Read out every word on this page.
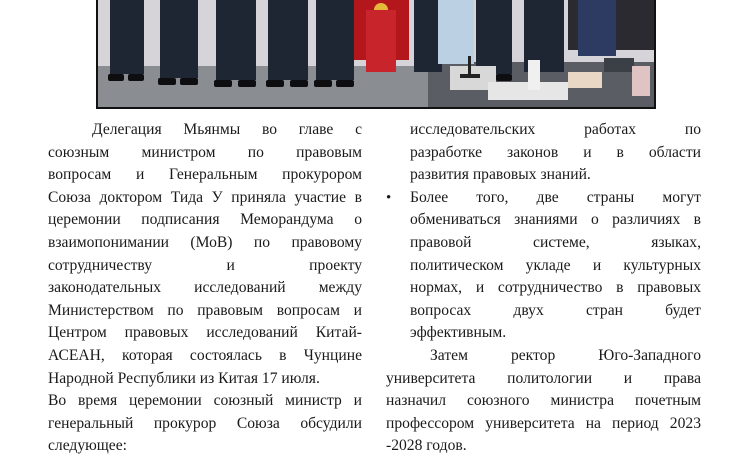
Делегация Мьянмы во главе с
союзным министром по правовым
вопросам и Генеральным прокурором
Союза доктором Тида У приняла участие в
церемонии подписания Меморандума о
взаимопонимании (МоВ) по правовому
сотрудничеству и проекту
законодательных исследований между
Министерством по правовым вопросам и
Центром правовых исследований Китай-
АСЕАН, которая состоялась в Чунцине
Народной Республики из Китая 17 июля.
Во время церемонии союзный министр и
генеральный прокурор Союза обсудили
следующее:
исследовательских работах по
разработке законов и в области
развития правовых знаний.
• Более того, две страны могут
обмениваться знаниями о различиях в
правовой системе, языках,
политическом укладе и культурных
нормах, и сотрудничество в правовых
вопросах двух стран будет
эффективным.
Затем ректор Юго-Западного
университета политологии и права
назначил союзного министра почетным
профессором университета на период 2023
-2028 годов.
